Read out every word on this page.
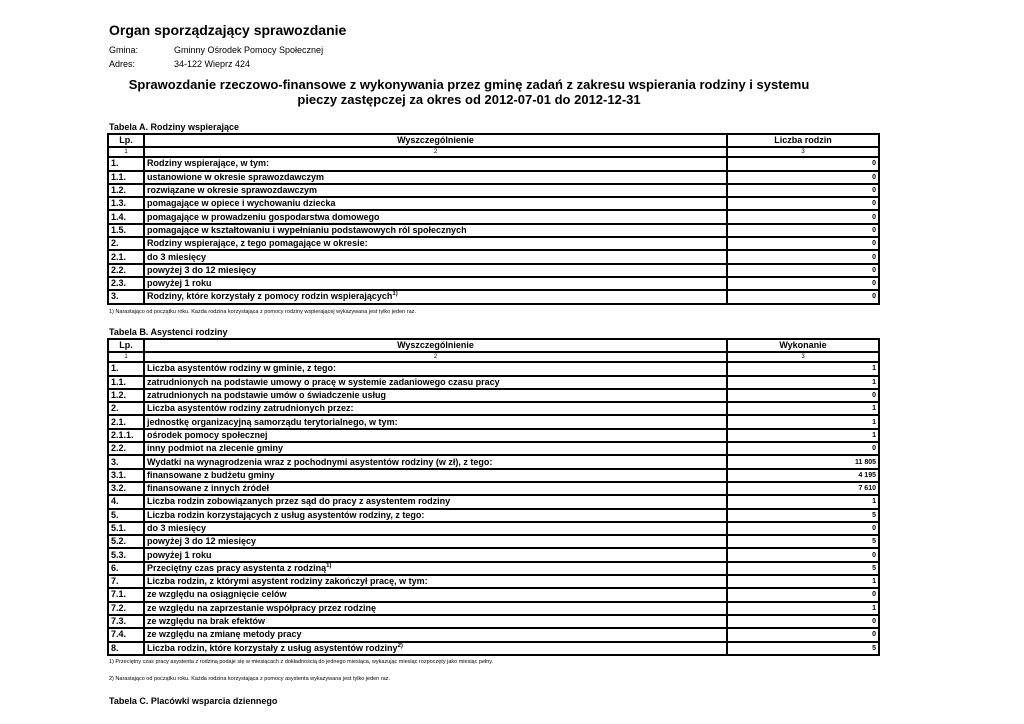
Organ sporządzający sprawozdanie
Gmina:	Gminny Ośrodek Pomocy Społecznej
Adres:	34-122 Wieprz 424
Sprawozdanie rzeczowo-finansowe z wykonywania przez gminę zadań z zakresu wspierania rodziny i systemu pieczy zastępczej za okres od 2012-07-01 do 2012-12-31
Tabela A. Rodziny wspierające
Lp.	Wyszczególnienie	Liczba rodzin
1	2	3
1.	Rodziny wspierające, w tym:	0
1.1.	ustanowione w okresie sprawozdawczym	0
1.2.	rozwiązane w okresie sprawozdawczym	0
1.3.	pomagające w opiece i wychowaniu dziecka	0
1.4.	pomagające w prowadzeniu gospodarstwa domowego	0
1.5.	pomagające w kształtowaniu i wypełnianiu podstawowych ról społecznych	0
2.	Rodziny wspierające, z tego pomagające w okresie:	0
2.1.	do 3 miesięcy	0
2.2.	powyżej 3 do 12 miesięcy	0
2.3.	powyżej 1 roku	0
3.	Rodziny, które korzystały z pomocy rodzin wspierających$^{1)}$	0
1) Narastająco od początku roku. Każda rodzina korzystająca z pomocy rodziny wspierającej wykazywana jest tylko jeden raz.
Tabela B. Asystenci rodziny
Lp.	Wyszczególnienie	Wykonanie
1	2	3
1.	Liczba asystentów rodziny w gminie, z tego:	1
1.1.	zatrudnionych na podstawie umowy o pracę w systemie zadaniowego czasu pracy	1
1.2.	zatrudnionych na podstawie umów o świadczenie usług	0
2.	Liczba asystentów rodziny zatrudnionych przez:	1
2.1.	jednostkę organizacyjną samorządu terytorialnego, w tym:	1
2.1.1.	ośrodek pomocy społecznej	1
2.2.	inny podmiot na zlecenie gminy	0
3.	Wydatki na wynagrodzenia wraz z pochodnymi asystentów rodziny (w zł), z tego:	11 805
3.1.	finansowane z budżetu gminy	4 195
3.2.	finansowane z innych źródeł	7 610
4.	Liczba rodzin zobowiązanych przez sąd do pracy z asystentem rodziny	1
5.	Liczba rodzin korzystających z usług asystentów rodziny, z tego:	5
5.1.	do 3 miesięcy	0
5.2.	powyżej 3 do 12 miesięcy	5
5.3.	powyżej 1 roku	0
6.	Przeciętny czas pracy asystenta z rodziną$^{1)}$	5
7.	Liczba rodzin, z którymi asystent rodziny zakończył pracę, w tym:	1
7.1.	ze względu na osiągnięcie celów	0
7.2.	ze względu na zaprzestanie współpracy przez rodzinę	1
7.3.	ze względu na brak efektów	0
7.4.	ze względu na zmianę metody pracy	0
8.	Liczba rodzin, które korzystały z usług asystentów rodziny$^{2)}$	5
1) Przeciętny czas pracy asystenta z rodziną podaje się w miesiącach z dokładnością do jednego miesiąca, wykazując miesiąc rozpoczęty jako miesiąc pełny.
2) Narastająco od początku roku. Każda rodzina korzystająca z pomocy asystenta wykazywana jest tylko jeden raz.
Tabela C. Placówki wsparcia dziennego
